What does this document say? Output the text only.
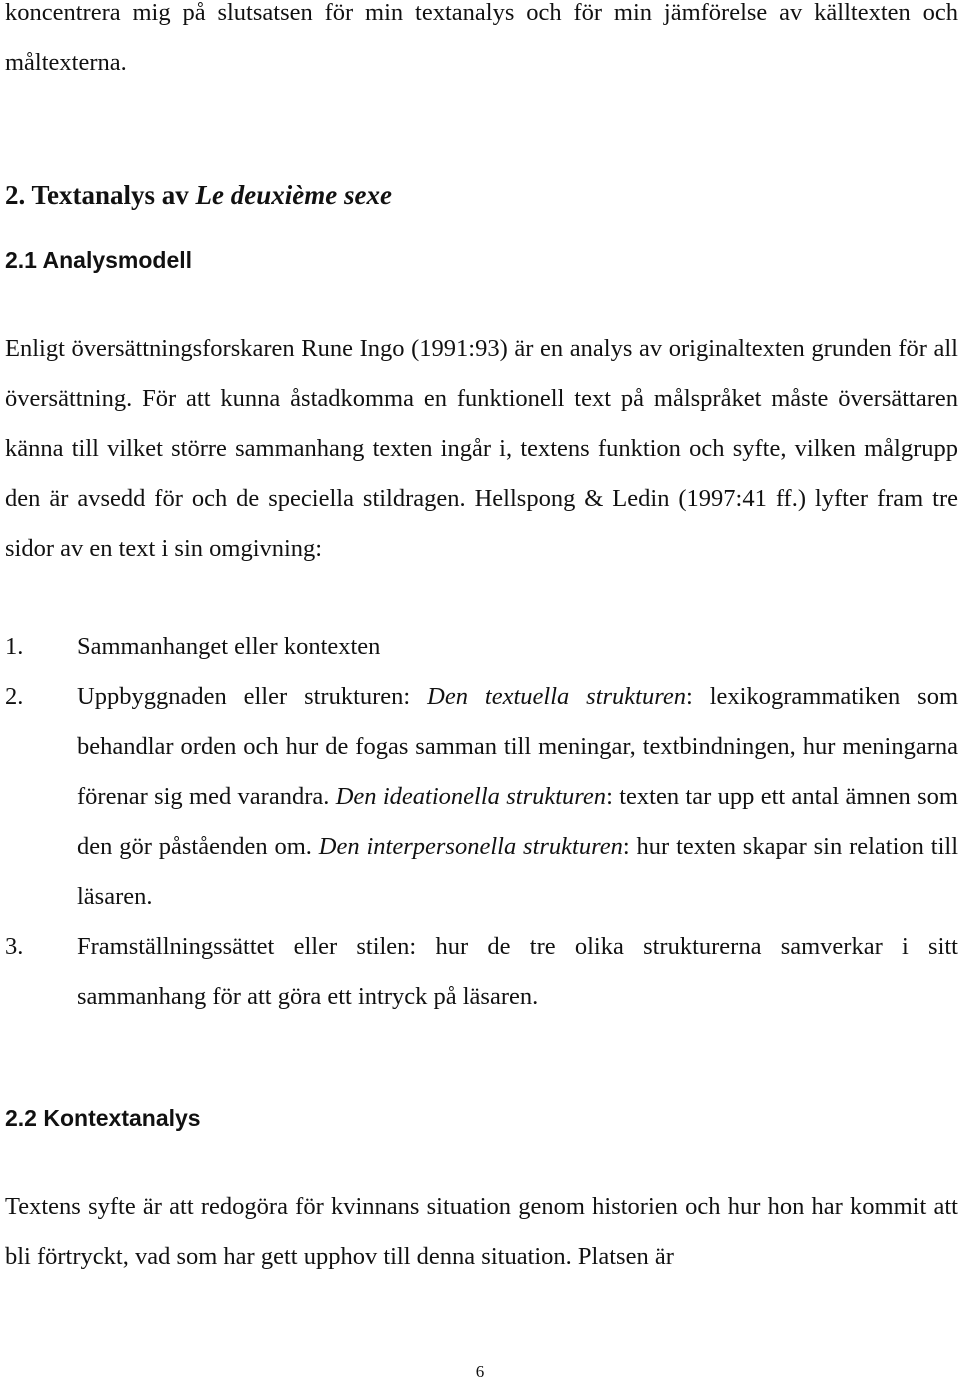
koncentrera mig på slutsatsen för min textanalys och för min jämförelse av källtexten och måltexterna.

2. Textanalys av Le deuxième sexe
2.1 Analysmodell

Enligt översättningsforskaren Rune Ingo (1991:93) är en analys av originaltexten grunden för all översättning. För att kunna åstadkomma en funktionell text på målspråket måste översättaren känna till vilket större sammanhang texten ingår i, textens funktion och syfte, vilken målgrupp den är avsedd för och de speciella stildragen. Hellspong & Ledin (1997:41 ff.) lyfter fram tre sidor av en text i sin omgivning:

1. Sammanhanget eller kontexten
2. Uppbyggnaden eller strukturen: Den textuella strukturen: lexikogrammatiken som behandlar orden och hur de fogas samman till meningar, textbindningen, hur meningarna förenar sig med varandra. Den ideationella strukturen: texten tar upp ett antal ämnen som den gör påståenden om. Den interpersonella strukturen: hur texten skapar sin relation till läsaren.
3. Framställningssättet eller stilen: hur de tre olika strukturerna samverkar i sitt sammanhang för att göra ett intryck på läsaren.
2.2 Kontextanalys

Textens syfte är att redogöra för kvinnans situation genom historien och hur hon har kommit att bli förtryckt, vad som har gett upphov till denna situation. Platsen är

6
